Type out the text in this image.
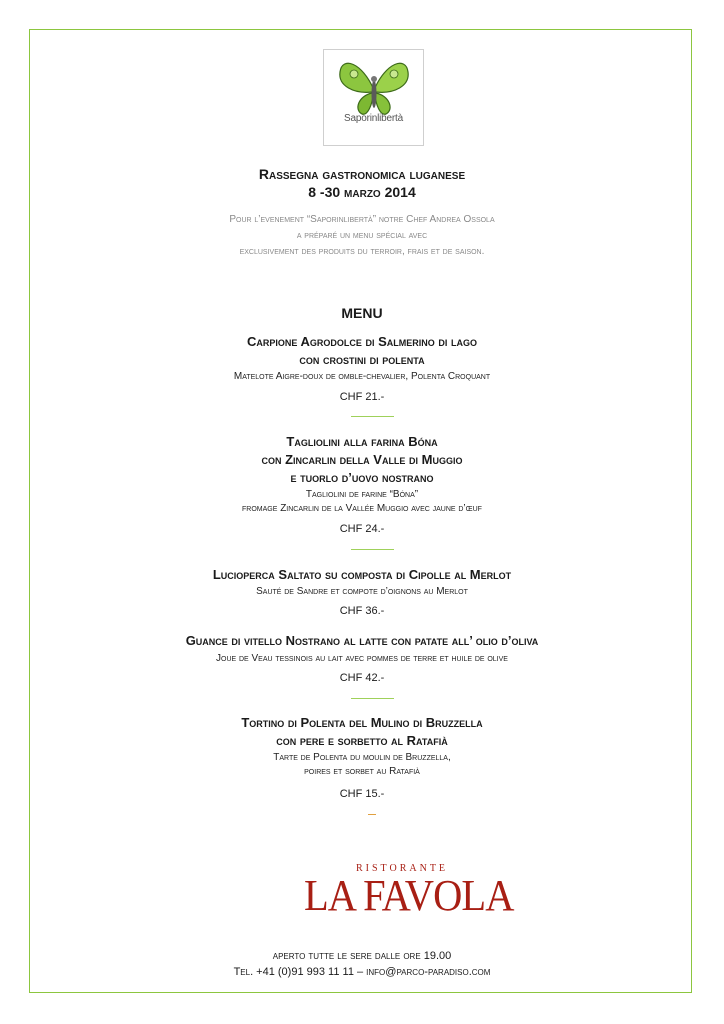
Saporinlibertà
Rassegna gastronomica luganese
8 -30 marzo 2014
Pour l’evenement “Saporinlibertà” notre Chef Andrea Ossola
a préparé un menu spécial avec
exclusivement des produits du terroir, frais et de saison.
MENU
Carpione Agrodolce di Salmerino di lago
con crostini di polenta
Matelote Aigre-doux de omble-chevalier, Polenta Croquant
CHF 21.-
Tagliolini alla farina Bóna
con Zincarlin della Valle di Muggio
e tuorlo d’uovo nostrano
Tagliolini de farine “Bóna”
fromage Zincarlin de la Vallée Muggio avec jaune d’œuf
CHF 24.-
Lucioperca Saltato su composta di Cipolle al Merlot
Sauté de Sandre et compote d’oignons au Merlot
CHF 36.-
Guance di vitello Nostrano al latte con patate all’ olio d’oliva
Joue de Veau tessinois au lait avec pommes de terre et huile de olive
CHF 42.-
Tortino di Polenta del Mulino di Bruzzella
con pere e sorbetto al Ratafià
Tarte de Polenta du moulin de Bruzzella,
poires et sorbet au Ratafià
CHF 15.-
RISTORANTE
LA FAVOLA
aperto tutte le sere dalle ore 19.00
Tel. +41 (0)91 993 11 11 – info@parco-paradiso.com
